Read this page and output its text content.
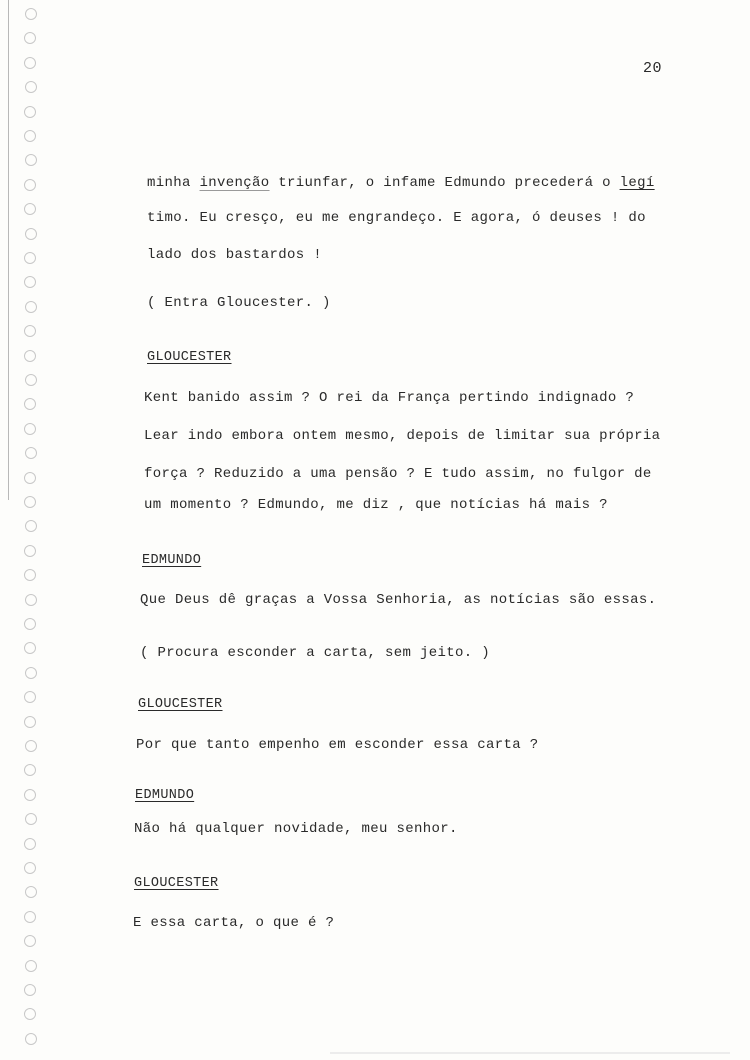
20
minha invenção triunfar, o infame Edmundo precederá o legí
timo. Eu cresço, eu me engrandeço. E agora, ó deuses ! do
lado dos bastardos !
( Entra Gloucester. )
GLOUCESTER
Kent banido assim ? O rei da França pertindo indignado ?
Lear indo embora ontem mesmo, depois de limitar sua própria
força ? Reduzido a uma pensão ? E tudo assim, no fulgor de
um momento ? Edmundo, me diz , que notícias há mais ?
EDMUNDO
Que Deus dê graças a Vossa Senhoria, as notícias são essas.
( Procura esconder a carta, sem jeito. )
GLOUCESTER
Por que tanto empenho em esconder essa carta ?
EDMUNDO
Não há qualquer novidade, meu senhor.
GLOUCESTER
E essa carta, o que é ?
